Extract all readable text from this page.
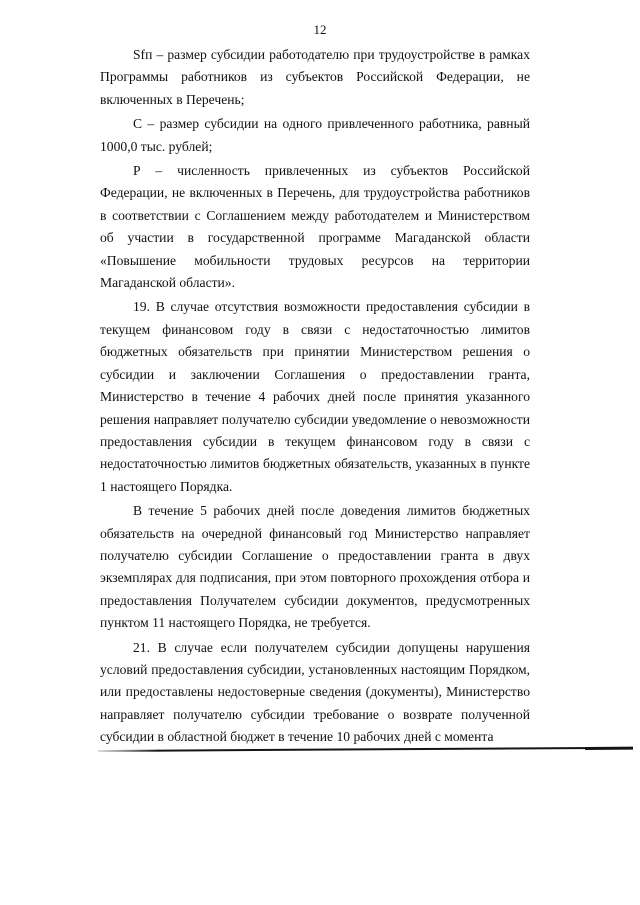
12

Sfп – размер субсидии работодателю при трудоустройстве в рамках Программы работников из субъектов Российской Федерации, не включенных в Перечень;

С – размер субсидии на одного привлеченного работника, равный 1000,0 тыс. рублей;

Р – численность привлеченных из субъектов Российской Федерации, не включенных в Перечень, для трудоустройства работников в соответствии с Соглашением между работодателем и Министерством об участии в государственной программе Магаданской области «Повышение мобильности трудовых ресурсов на территории Магаданской области».

19. В случае отсутствия возможности предоставления субсидии в текущем финансовом году в связи с недостаточностью лимитов бюджетных обязательств при принятии Министерством решения о субсидии и заключении Соглашения о предоставлении гранта, Министерство в течение 4 рабочих дней после принятия указанного решения направляет получателю субсидии уведомление о невозможности предоставления субсидии в текущем финансовом году в связи с недостаточностью лимитов бюджетных обязательств, указанных в пункте 1 настоящего Порядка.

В течение 5 рабочих дней после доведения лимитов бюджетных обязательств на очередной финансовый год Министерство направляет получателю субсидии Соглашение о предоставлении гранта в двух экземплярах для подписания, при этом повторного прохождения отбора и предоставления Получателем субсидии документов, предусмотренных пунктом 11 настоящего Порядка, не требуется.

21. В случае если получателем субсидии допущены нарушения условий предоставления субсидии, установленных настоящим Порядком, или предоставлены недостоверные сведения (документы), Министерство направляет получателю субсидии требование о возврате полученной субсидии в областной бюджет в течение 10 рабочих дней с момента
